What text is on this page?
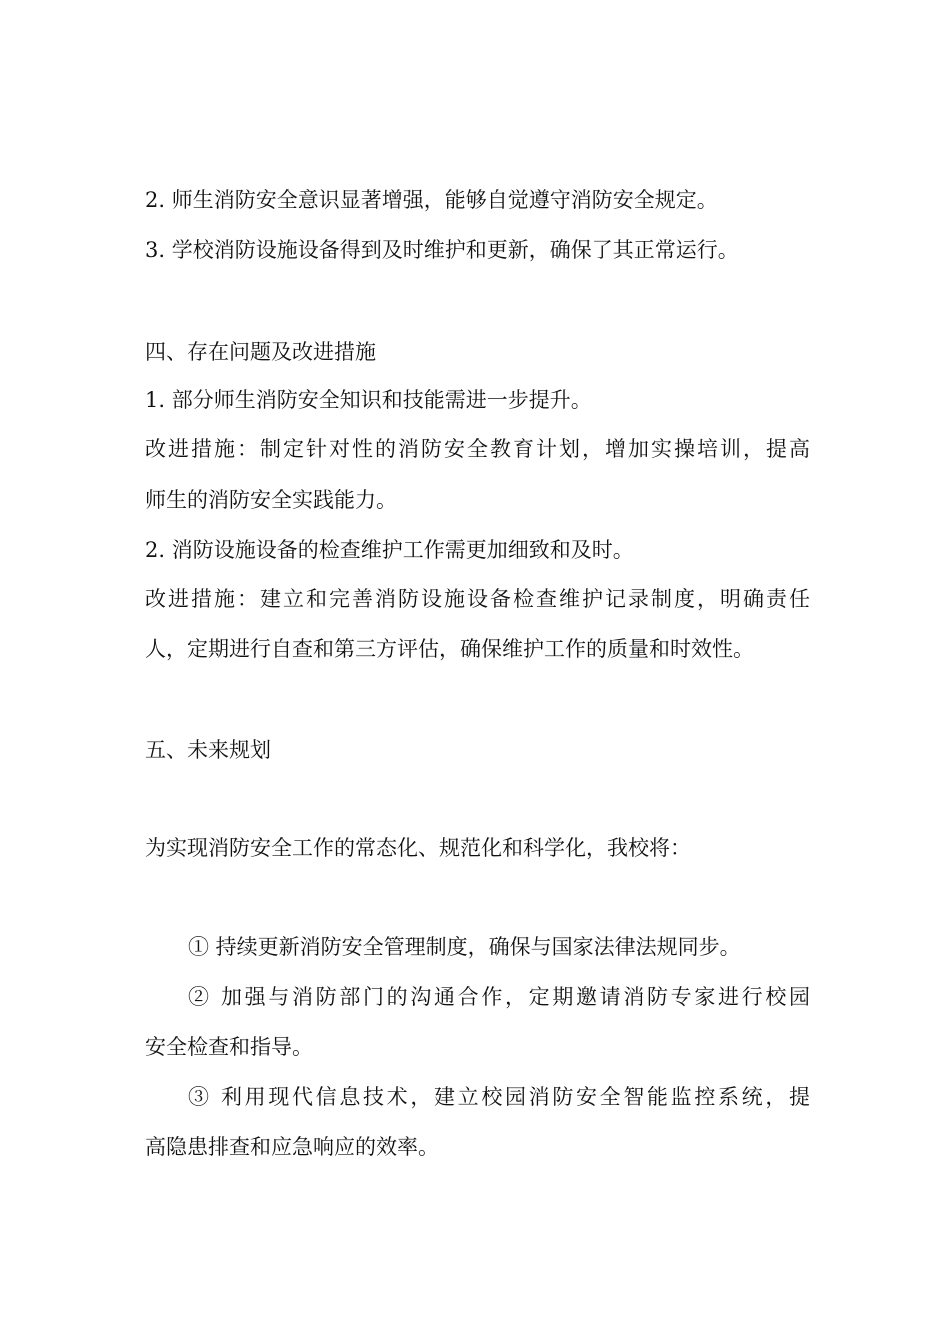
2. 师生消防安全意识显著增强，能够自觉遵守消防安全规定。
3. 学校消防设施设备得到及时维护和更新，确保了其正常运行。
四、存在问题及改进措施
1. 部分师生消防安全知识和技能需进一步提升。
改进措施：制定针对性的消防安全教育计划，增加实操培训，提高
师生的消防安全实践能力。
2. 消防设施设备的检查维护工作需更加细致和及时。
改进措施：建立和完善消防设施设备检查维护记录制度，明确责任
人，定期进行自查和第三方评估，确保维护工作的质量和时效性。
五、未来规划
为实现消防安全工作的常态化、规范化和科学化，我校将：
① 持续更新消防安全管理制度，确保与国家法律法规同步。
② 加强与消防部门的沟通合作，定期邀请消防专家进行校园
安全检查和指导。
③ 利用现代信息技术，建立校园消防安全智能监控系统，提
高隐患排查和应急响应的效率。
